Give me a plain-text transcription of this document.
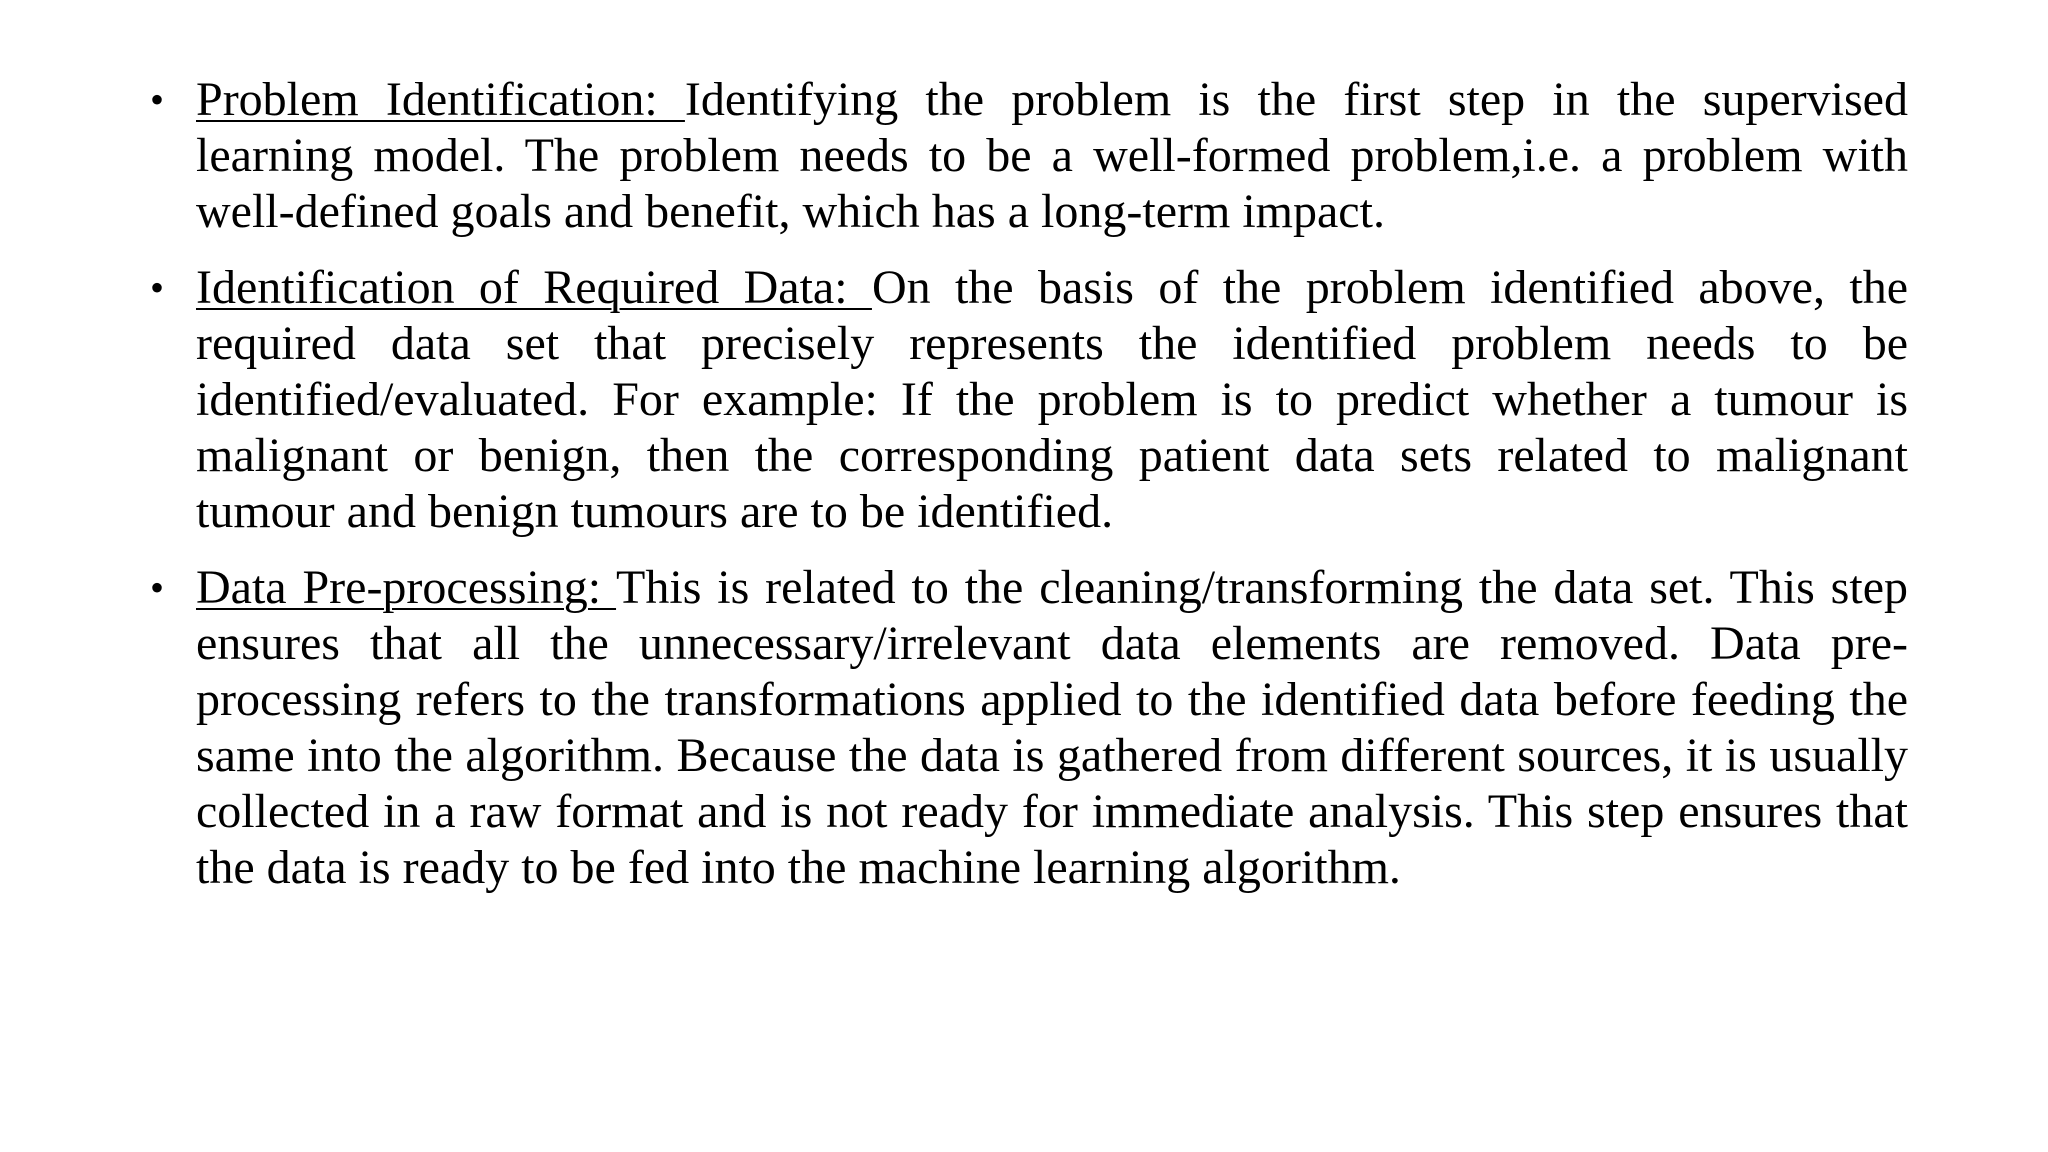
• Problem Identification: Identifying the problem is the first step in the supervised learning model. The problem needs to be a well-formed problem,i.e. a problem with well-defined goals and benefit, which has a long-term impact.
• Identification of Required Data: On the basis of the problem identified above, the required data set that precisely represents the identified problem needs to be identified/evaluated. For example: If the problem is to predict whether a tumour is malignant or benign, then the corresponding patient data sets related to malignant tumour and benign tumours are to be identified.
• Data Pre-processing: This is related to the cleaning/transforming the data set. This step ensures that all the unnecessary/irrelevant data elements are removed. Data pre-processing refers to the transformations applied to the identified data before feeding the same into the algorithm. Because the data is gathered from different sources, it is usually collected in a raw format and is not ready for immediate analysis. This step ensures that the data is ready to be fed into the machine learning algorithm.
